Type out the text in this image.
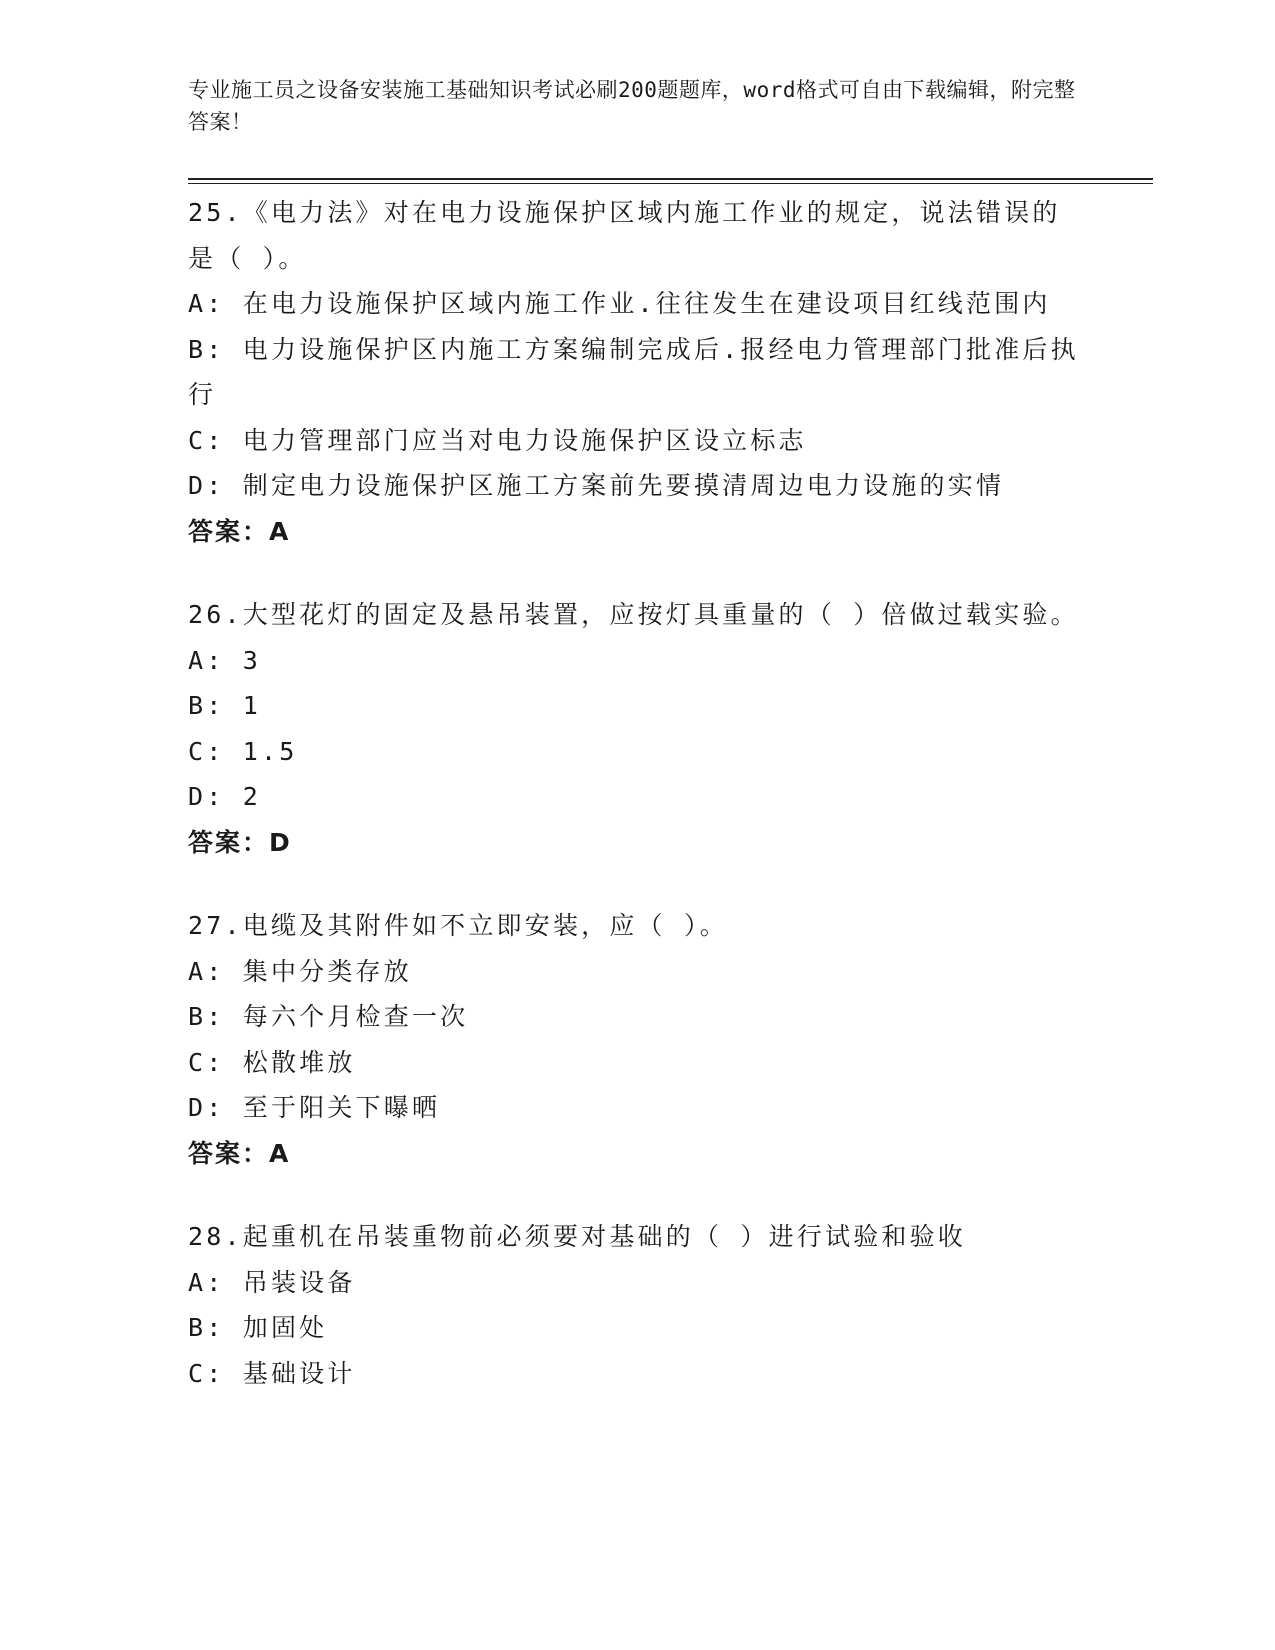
专业施工员之设备安装施工基础知识考试必刷200题题库，word格式可自由下载编辑，附完整答案！
25.《电力法》对在电力设施保护区域内施工作业的规定，说法错误的是（ ）。
A: 在电力设施保护区域内施工作业.往往发生在建设项目红线范围内
B: 电力设施保护区内施工方案编制完成后.报经电力管理部门批准后执行
C: 电力管理部门应当对电力设施保护区设立标志
D: 制定电力设施保护区施工方案前先要摸清周边电力设施的实情
答案：A
26.大型花灯的固定及悬吊装置，应按灯具重量的（ ）倍做过载实验。
A: 3
B: 1
C: 1.5
D: 2
答案：D
27.电缆及其附件如不立即安装，应（ ）。
A: 集中分类存放
B: 每六个月检查一次
C: 松散堆放
D: 至于阳关下曝晒
答案：A
28.起重机在吊装重物前必须要对基础的（ ）进行试验和验收
A: 吊装设备
B: 加固处
C: 基础设计
